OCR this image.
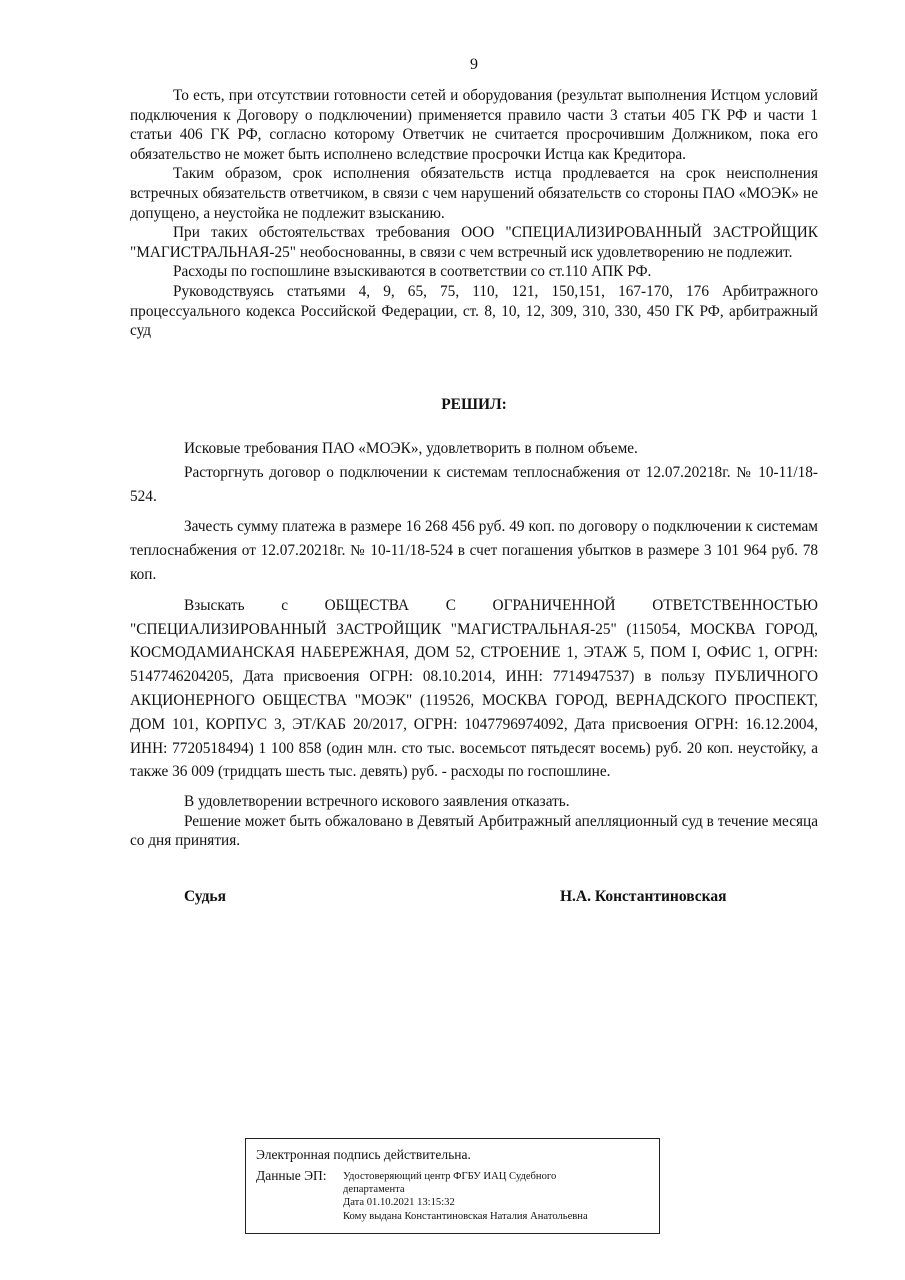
9

То есть, при отсутствии готовности сетей и оборудования (результат выполнения Истцом условий подключения к Договору о подключении) применяется правило части 3 статьи 405 ГК РФ и части 1 статьи 406 ГК РФ, согласно которому Ответчик не считается просрочившим Должником, пока его обязательство не может быть исполнено вследствие просрочки Истца как Кредитора.

Таким образом, срок исполнения обязательств истца продлевается на срок неисполнения встречных обязательств ответчиком, в связи с чем нарушений обязательств со стороны ПАО «МОЭК» не допущено, а неустойка не подлежит взысканию.

При таких обстоятельствах требования ООО "СПЕЦИАЛИЗИРОВАННЫЙ ЗАСТРОЙЩИК "МАГИСТРАЛЬНАЯ-25" необоснованны, в связи с чем встречный иск удовлетворению не подлежит.

Расходы по госпошлине взыскиваются в соответствии со ст.110 АПК РФ.

Руководствуясь статьями 4, 9, 65, 75, 110, 121, 150,151, 167-170, 176 Арбитражного процессуального кодекса Российской Федерации, ст. 8, 10, 12, 309, 310, 330, 450 ГК РФ, арбитражный суд

РЕШИЛ:

Исковые требования ПАО «МОЭК», удовлетворить в полном объеме.

Расторгнуть договор о подключении к системам теплоснабжения от 12.07.20218г. № 10-11/18-524.

Зачесть сумму платежа в размере 16 268 456 руб. 49 коп. по договору о подключении к системам теплоснабжения от 12.07.20218г. № 10-11/18-524 в счет погашения убытков в размере 3 101 964 руб. 78 коп.

Взыскать с ОБЩЕСТВА С ОГРАНИЧЕННОЙ ОТВЕТСТВЕННОСТЬЮ "СПЕЦИАЛИЗИРОВАННЫЙ ЗАСТРОЙЩИК "МАГИСТРАЛЬНАЯ-25" (115054, МОСКВА ГОРОД, КОСМОДАМИАНСКАЯ НАБЕРЕЖНАЯ, ДОМ 52, СТРОЕНИЕ 1, ЭТАЖ 5, ПОМ I, ОФИС 1, ОГРН: 5147746204205, Дата присвоения ОГРН: 08.10.2014, ИНН: 7714947537) в пользу ПУБЛИЧНОГО АКЦИОНЕРНОГО ОБЩЕСТВА "МОЭК" (119526, МОСКВА ГОРОД, ВЕРНАДСКОГО ПРОСПЕКТ, ДОМ 101, КОРПУС 3, ЭТ/КАБ 20/2017, ОГРН: 1047796974092, Дата присвоения ОГРН: 16.12.2004, ИНН: 7720518494) 1 100 858 (один млн. сто тыс. восемьсот пятьдесят восемь) руб. 20 коп. неустойку, а также 36 009 (тридцать шесть тыс. девять) руб. - расходы по госпошлине.

В удовлетворении встречного искового заявления отказать.

Решение может быть обжаловано в Девятый Арбитражный апелляционный суд в течение месяца со дня принятия.

Судья	Н.А. Константиновская
Электронная подпись действительна.
Данные ЭП: Удостоверяющий центр ФГБУ ИАЦ Судебного
департамента
Дата 01.10.2021 13:15:32
Кому выдана Константиновская Наталия Анатольевна
